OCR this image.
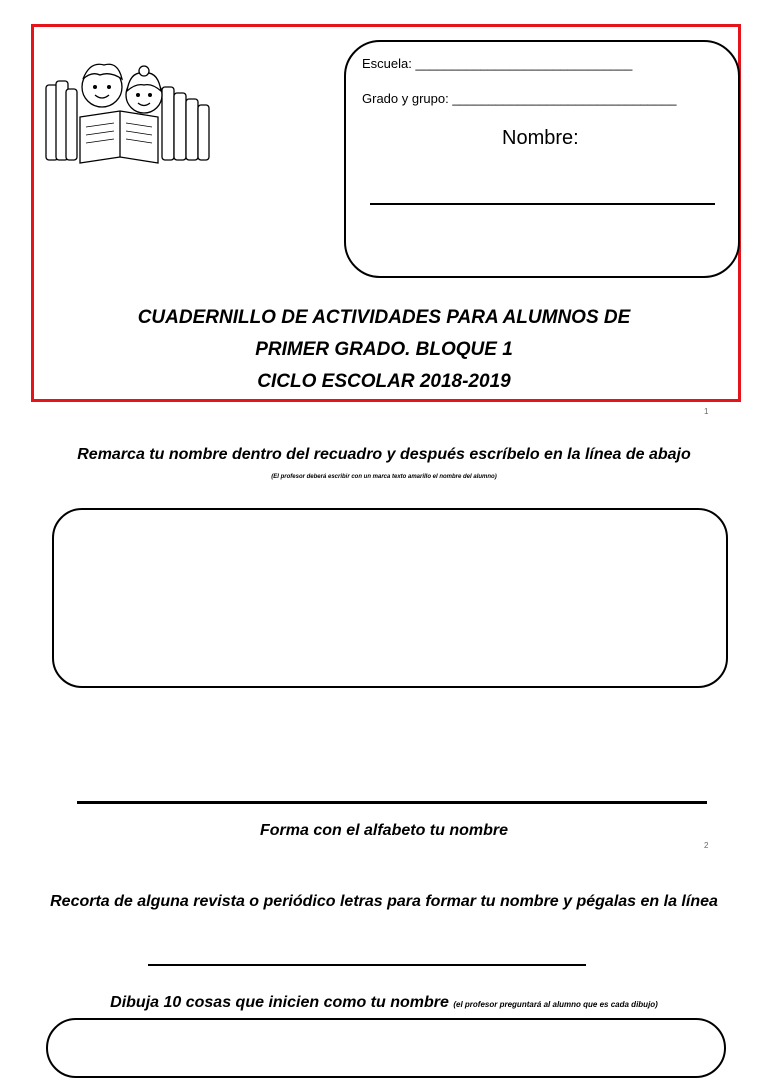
Escuela: ______________________________
Grado y grupo: _______________________________
Nombre:
CUADERNILLO DE ACTIVIDADES PARA ALUMNOS DE
PRIMER GRADO. BLOQUE 1
CICLO ESCOLAR 2018-2019
1
Remarca tu nombre dentro del recuadro y después escríbelo en la línea de abajo
(El profesor deberá escribir con un marca texto amarillo el nombre del alumno)
Forma con el alfabeto tu nombre
2
Recorta de alguna revista o periódico letras para formar tu nombre y pégalas en la línea
Dibuja 10 cosas que inicien como tu nombre (el profesor preguntará al alumno que es cada dibujo)
